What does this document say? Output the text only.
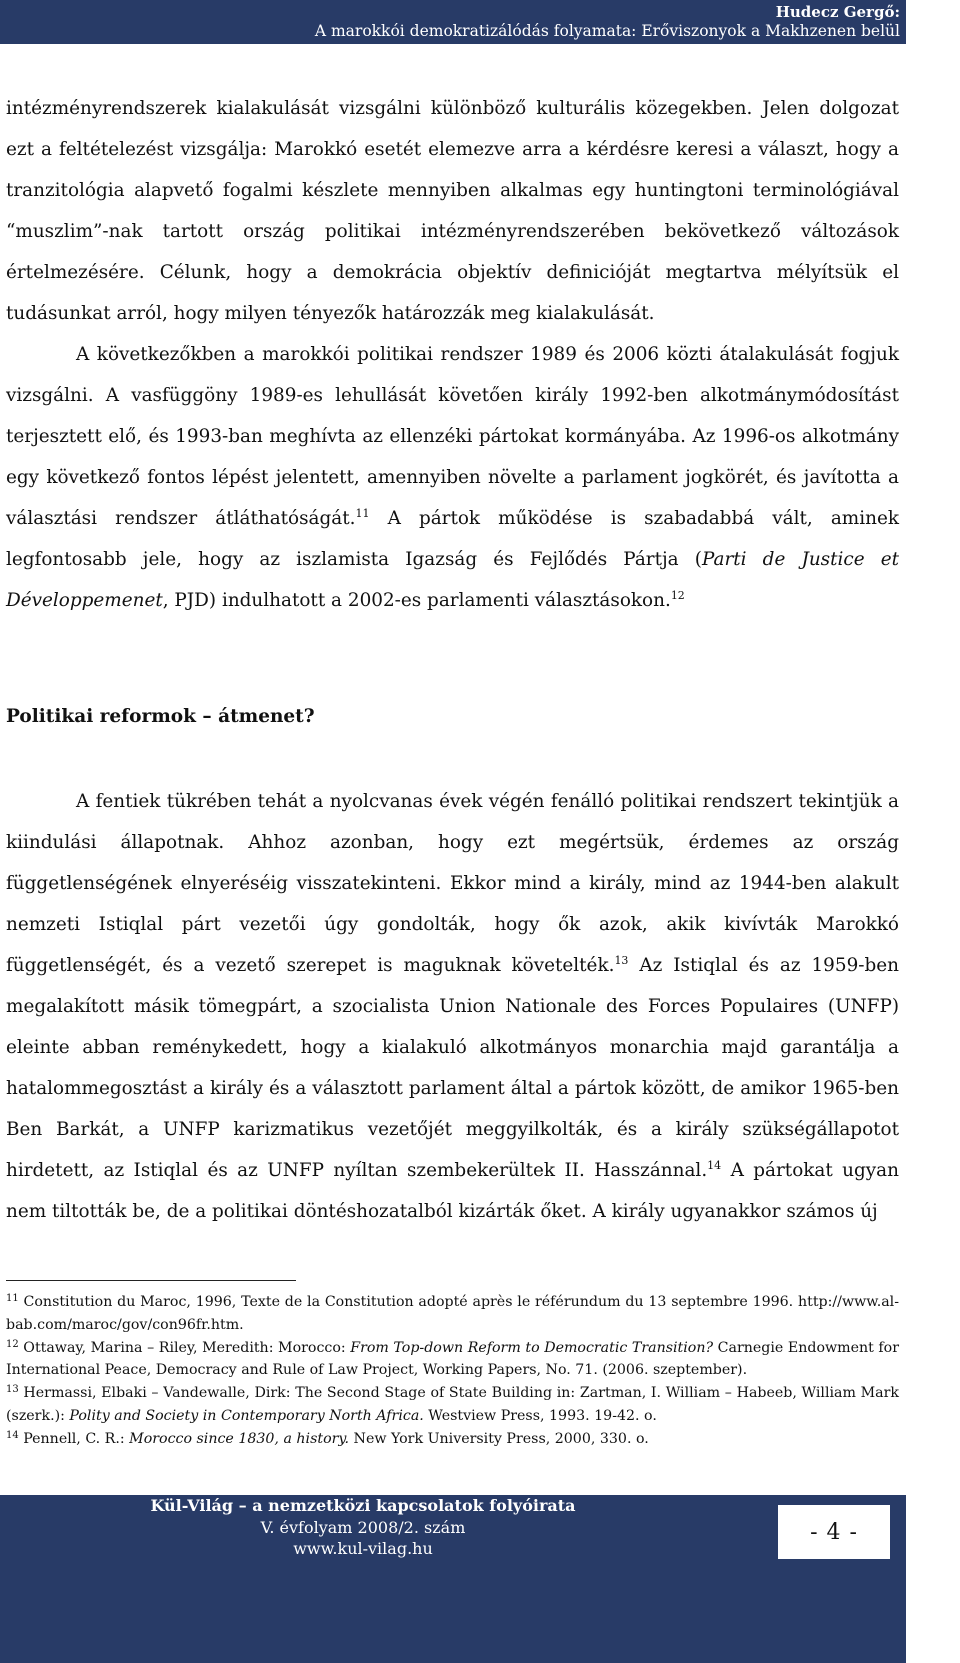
Hudecz Gergő:
A marokkói demokratizálódás folyamata: Erőviszonyok a Makhzenen belül

intézményrendszerek kialakulását vizsgálni különböző kulturális közegekben. Jelen dolgozat ezt a feltételezést vizsgálja: Marokkó esetét elemezve arra a kérdésre keresi a választ, hogy a tranzitológia alapvető fogalmi készlete mennyiben alkalmas egy huntingtoni terminológiával “muszlim”-nak tartott ország politikai intézményrendszerében bekövetkező változások értelmezésére. Célunk, hogy a demokrácia objektív definicióját megtartva mélyítsük el tudásunkat arról, hogy milyen tényezők határozzák meg kialakulását.

A következőkben a marokkói politikai rendszer 1989 és 2006 közti átalakulását fogjuk vizsgálni. A vasfüggöny 1989-es lehullását követően király 1992-ben alkotmánymódosítást terjesztett elő, és 1993-ban meghívta az ellenzéki pártokat kormányába. Az 1996-os alkotmány egy következő fontos lépést jelentett, amennyiben növelte a parlament jogkörét, és javította a választási rendszer átláthatóságát.$^{11}$ A pártok működése is szabadabbá vált, aminek legfontosabb jele, hogy az iszlamista Igazság és Fejlődés Pártja (Parti de Justice et Développemenet, PJD) indulhatott a 2002-es parlamenti választásokon.$^{12}$

Politikai reformok – átmenet?

A fentiek tükrében tehát a nyolcvanas évek végén fenálló politikai rendszert tekintjük a kiindulási állapotnak. Ahhoz azonban, hogy ezt megértsük, érdemes az ország függetlenségének elnyeréséig visszatekinteni. Ekkor mind a király, mind az 1944-ben alakult nemzeti Istiqlal párt vezetői úgy gondolták, hogy ők azok, akik kivívták Marokkó függetlenségét, és a vezető szerepet is maguknak követelték.$^{13}$ Az Istiqlal és az 1959-ben megalakított másik tömegpárt, a szocialista Union Nationale des Forces Populaires (UNFP) eleinte abban reménykedett, hogy a kialakuló alkotmányos monarchia majd garantálja a hatalommegosztást a király és a választott parlament által a pártok között, de amikor 1965-ben Ben Barkát, a UNFP karizmatikus vezetőjét meggyilkolták, és a király szükségállapotot hirdetett, az Istiqlal és az UNFP nyíltan szembekerültek II. Hasszánnal.$^{14}$ A pártokat ugyan nem tiltották be, de a politikai döntéshozatalból kizárták őket. A király ugyanakkor számos új

$^{11}$ Constitution du Maroc, 1996, Texte de la Constitution adopté après le référundum du 13 septembre 1996. http://www.al-bab.com/maroc/gov/con96fr.htm.

$^{12}$ Ottaway, Marina – Riley, Meredith: Morocco: From Top-down Reform to Democratic Transition? Carnegie Endowment for International Peace, Democracy and Rule of Law Project, Working Papers, No. 71. (2006. szeptember).

$^{13}$ Hermassi, Elbaki – Vandewalle, Dirk: The Second Stage of State Building in: Zartman, I. William – Habeeb, William Mark (szerk.): Polity and Society in Contemporary North Africa. Westview Press, 1993. 19-42. o.

$^{14}$ Pennell, C. R.: Morocco since 1830, a history. New York University Press, 2000, 330. o.

Kül-Világ – a nemzetközi kapcsolatok folyóirata
V. évfolyam 2008/2. szám
www.kul-vilag.hu
- 4 -
